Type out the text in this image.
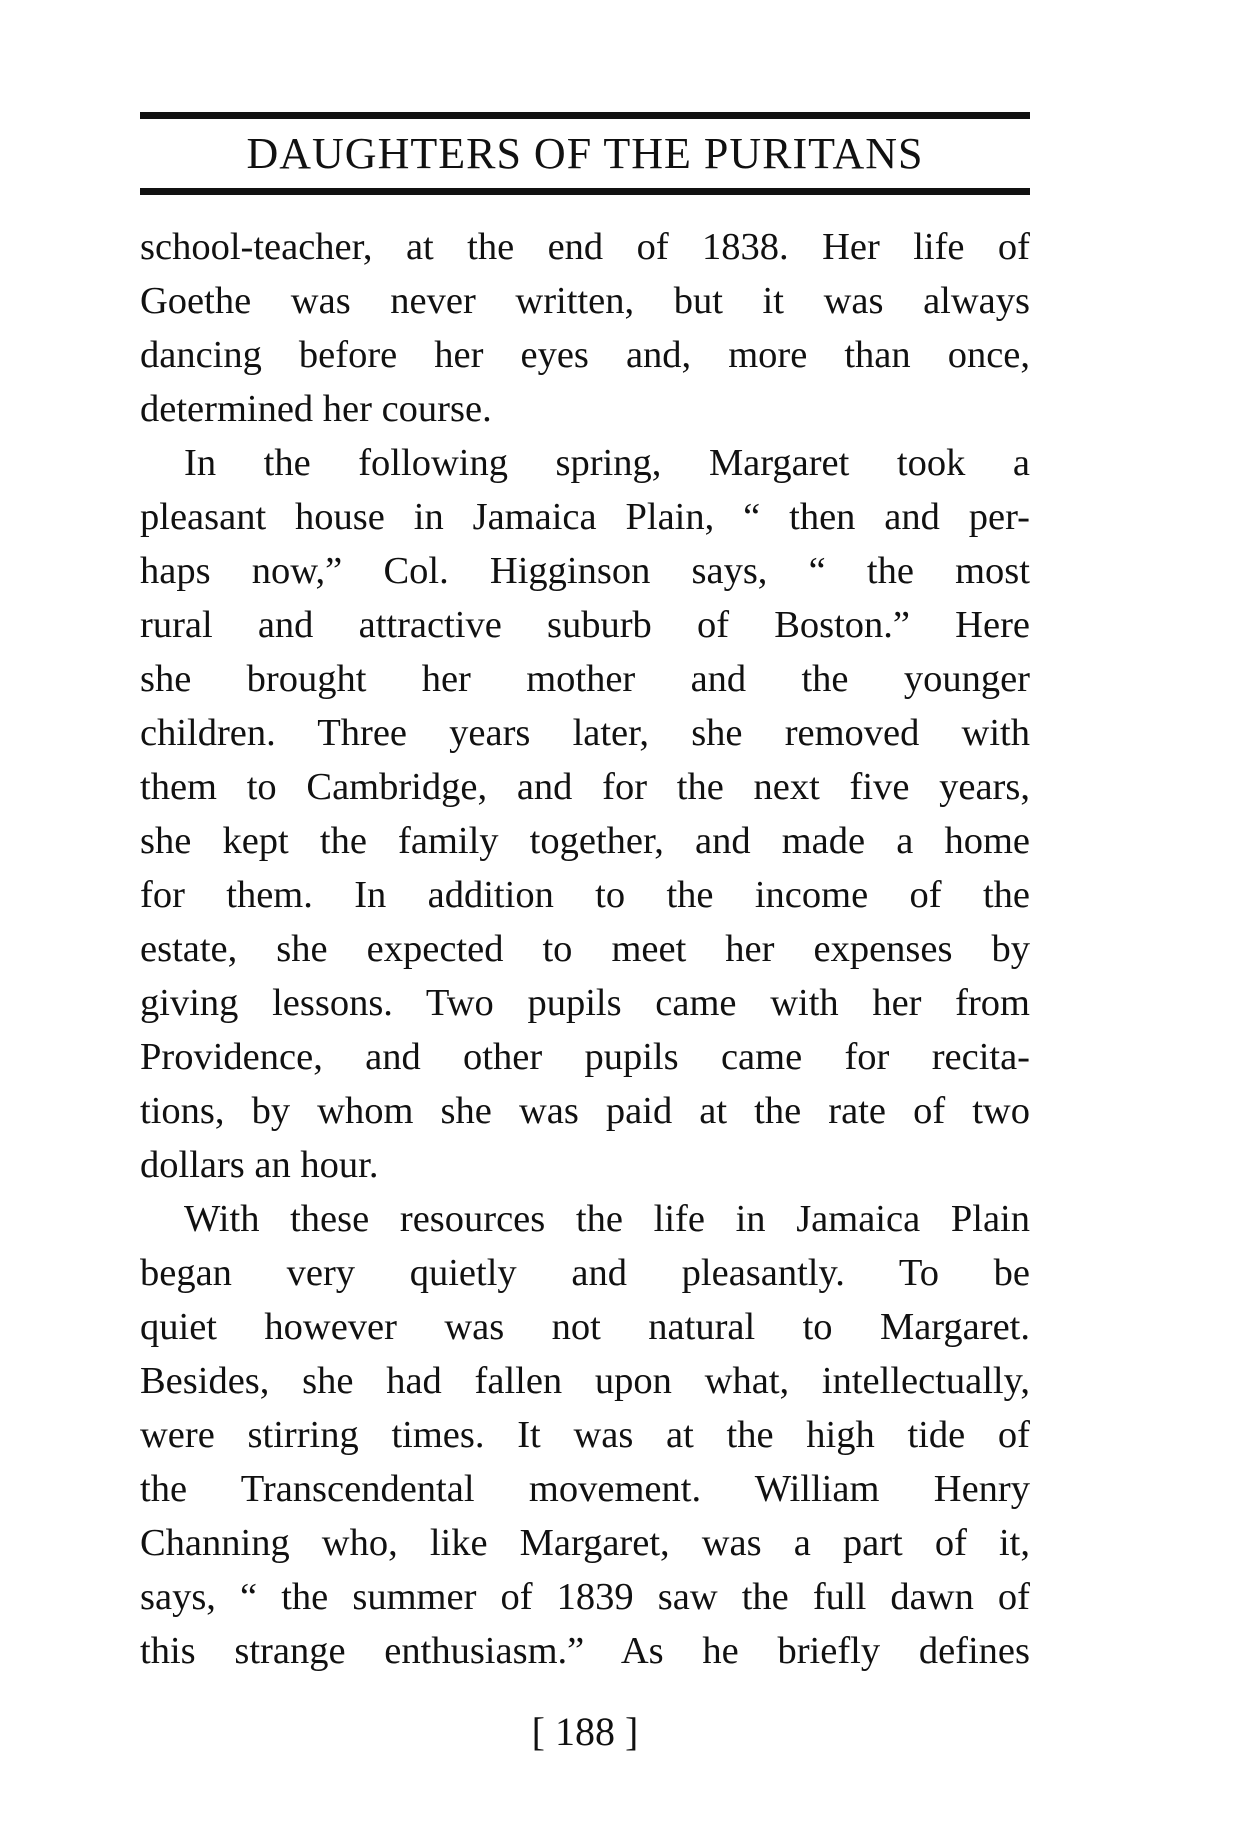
DAUGHTERS OF THE PURITANS
school-teacher, at the end of 1838. Her life of
Goethe was never written, but it was always
dancing before her eyes and, more than once,
determined her course.
In the following spring, Margaret took a
pleasant house in Jamaica Plain, “ then and per-
haps now,” Col. Higginson says, “ the most
rural and attractive suburb of Boston.” Here
she brought her mother and the younger
children. Three years later, she removed with
them to Cambridge, and for the next five years,
she kept the family together, and made a home
for them. In addition to the income of the
estate, she expected to meet her expenses by
giving lessons. Two pupils came with her from
Providence, and other pupils came for recita-
tions, by whom she was paid at the rate of two
dollars an hour.
With these resources the life in Jamaica Plain
began very quietly and pleasantly. To be
quiet however was not natural to Margaret.
Besides, she had fallen upon what, intellectually,
were stirring times. It was at the high tide of
the Transcendental movement. William Henry
Channing who, like Margaret, was a part of it,
says, “ the summer of 1839 saw the full dawn of
this strange enthusiasm.” As he briefly defines
[ 188 ]
